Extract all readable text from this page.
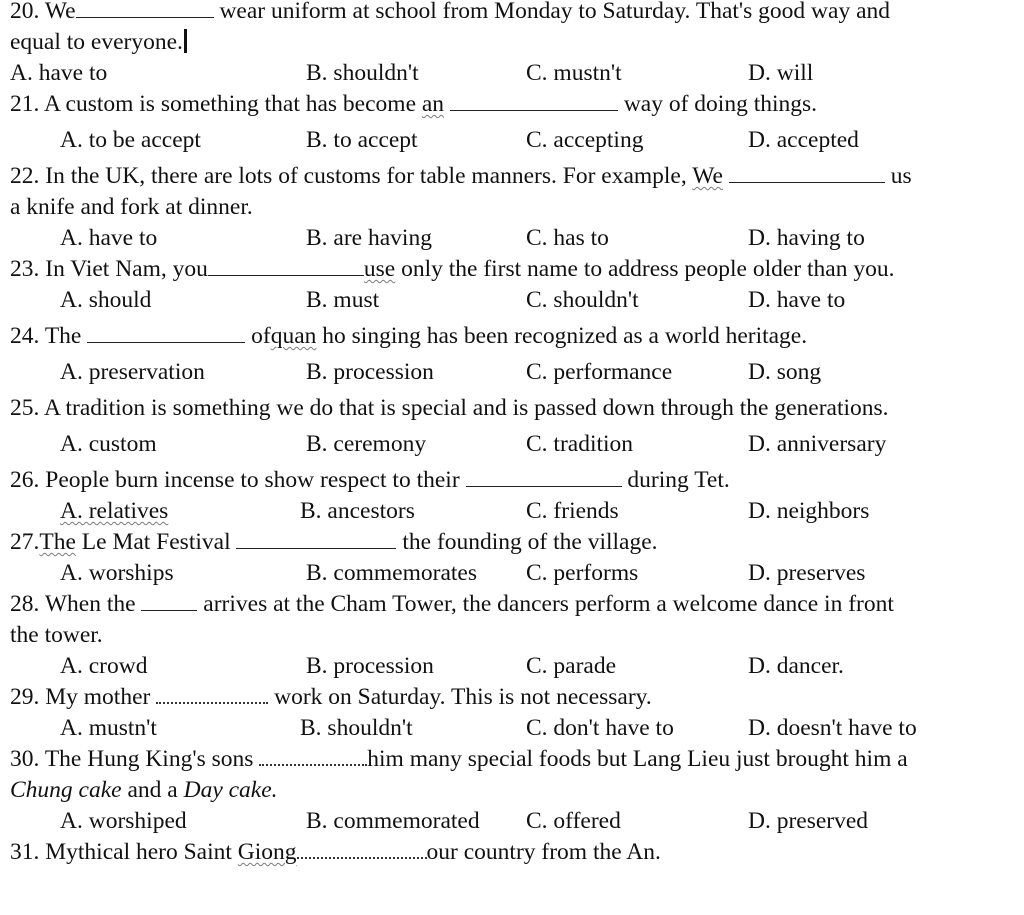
20. We	wear uniform at school from Monday to Saturday. That's good way and
equal to everyone.
A. have to	B. shouldn't	C. mustn't	D. will
21. A custom is something that has become an	way of doing things.
A. to be accept	B. to accept	C. accepting	D. accepted
22. In the UK, there are lots of customs for table manners. For example, We	us
a knife and fork at dinner.
A. have to	B. are having	C. has to	D. having to
23. In Viet Nam, you	use only the first name to address people older than you.
A. should	B. must	C. shouldn't	D. have to
24. The	ofquan ho singing has been recognized as a world heritage.
A. preservation	B. procession	C. performance	D. song
25. A tradition is something we do that is special and is passed down through the generations.
A. custom	B. ceremony	C. tradition	D. anniversary
26. People burn incense to show respect to their	during Tet.
A. relatives	B. ancestors	C. friends	D. neighbors
27.The Le Mat Festival	the founding of the village.
A. worships	B. commemorates C. performs	D. preserves
28. When the	arrives at the Cham Tower, the dancers perform a welcome dance in front
the tower.
A. crowd	B. procession	C. parade	D. dancer.
29. My mother	work on Saturday. This is not necessary.
A. mustn't	B. shouldn't	C. don't have to	D. doesn't have to
30. The Hung King's sons	him many special foods but Lang Lieu just brought him a
Chung cake and a Day cake.
A. worshiped	B. commemorated C. offered	D. preserved
31. Mythical hero Saint Giong	our country from the An.
